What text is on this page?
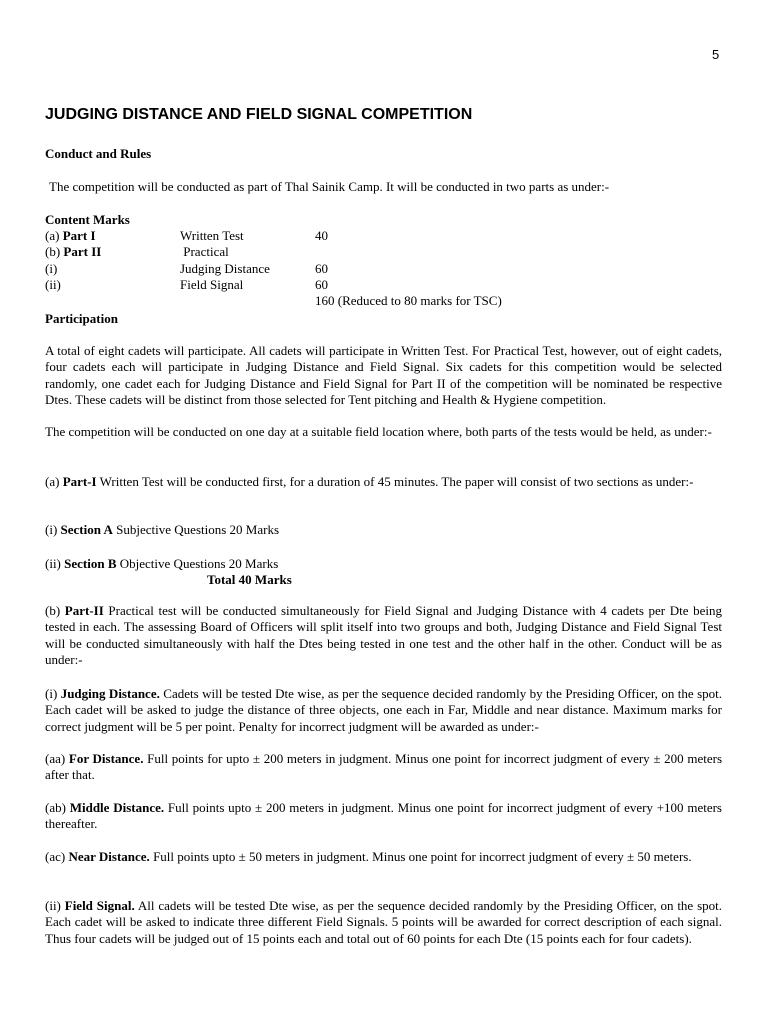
5
JUDGING DISTANCE AND FIELD SIGNAL COMPETITION
Conduct and Rules
The competition will be conducted as part of Thal Sainik Camp. It will be conducted in two parts as under:-
Content Marks
(a) Part I	Written Test	40
(b) Part II	Practical
(i)	Judging Distance	60
(ii)	Field Signal	60
160 (Reduced to 80 marks for TSC)
Participation
A total of eight cadets will participate. All cadets will participate in Written Test. For Practical Test, however, out of eight cadets, four cadets each will participate in Judging Distance and Field Signal. Six cadets for this competition would be selected randomly, one cadet each for Judging Distance and Field Signal for Part II of the competition will be nominated be respective Dtes. These cadets will be distinct from those selected for Tent pitching and Health & Hygiene competition.
The competition will be conducted on one day at a suitable field location where, both parts of the tests would be held, as under:-
(a) Part-I Written Test will be conducted first, for a duration of 45 minutes. The paper will consist of two sections as under:-
(i) Section A Subjective Questions 20 Marks
(ii) Section B Objective Questions 20 Marks
Total 40 Marks
(b) Part-II Practical test will be conducted simultaneously for Field Signal and Judging Distance with 4 cadets per Dte being tested in each. The assessing Board of Officers will split itself into two groups and both, Judging Distance and Field Signal Test will be conducted simultaneously with half the Dtes being tested in one test and the other half in the other. Conduct will be as under:-
(i) Judging Distance. Cadets will be tested Dte wise, as per the sequence decided randomly by the Presiding Officer, on the spot. Each cadet will be asked to judge the distance of three objects, one each in Far, Middle and near distance. Maximum marks for correct judgment will be 5 per point. Penalty for incorrect judgment will be awarded as under:-
(aa) For Distance. Full points for upto ± 200 meters in judgment. Minus one point for incorrect judgment of every ± 200 meters after that.
(ab) Middle Distance. Full points upto ± 200 meters in judgment. Minus one point for incorrect judgment of every +100 meters thereafter.
(ac) Near Distance. Full points upto ± 50 meters in judgment. Minus one point for incorrect judgment of every ± 50 meters.
(ii) Field Signal. All cadets will be tested Dte wise, as per the sequence decided randomly by the Presiding Officer, on the spot. Each cadet will be asked to indicate three different Field Signals. 5 points will be awarded for correct description of each signal. Thus four cadets will be judged out of 15 points each and total out of 60 points for each Dte (15 points each for four cadets).
